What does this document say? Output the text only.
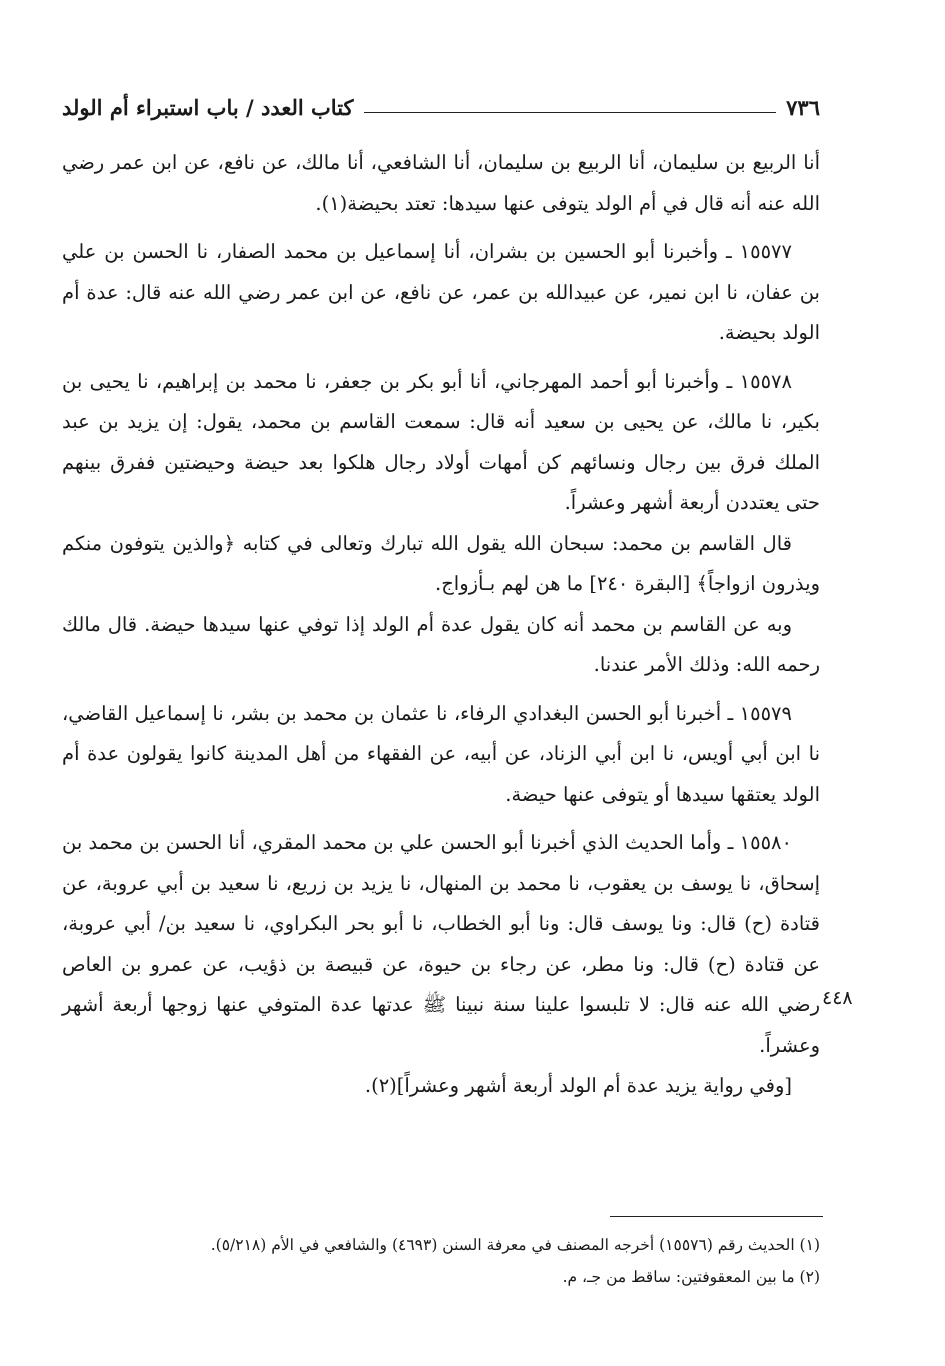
٧٣٦
كتاب العدد / باب استبراء أم الولد

أنا الربيع بن سليمان، أنا الربيع بن سليمان، أنا الشافعي، أنا مالك، عن نافع، عن ابن عمر رضي الله عنه أنه قال في أم الولد يتوفى عنها سيدها: تعتد بحيضة(١).

١٥٥٧٧ ـ وأخبرنا أبو الحسين بن بشران، أنا إسماعيل بن محمد الصفار، نا الحسن بن علي بن عفان، نا ابن نمير، عن عبيدالله بن عمر، عن نافع، عن ابن عمر رضي الله عنه قال: عدة أم الولد بحيضة.

١٥٥٧٨ ـ وأخبرنا أبو أحمد المهرجاني، أنا أبو بكر بن جعفر، نا محمد بن إبراهيم، نا يحيى بن بكير، نا مالك، عن يحيى بن سعيد أنه قال: سمعت القاسم بن محمد، يقول: إن يزيد بن عبد الملك فرق بين رجال ونسائهم كن أمهات أولاد رجال هلكوا بعد حيضة وحيضتين ففرق بينهم حتى يعتددن أربعة أشهر وعشراً.

قال القاسم بن محمد: سبحان الله يقول الله تبارك وتعالى في كتابه ﴿والذين يتوفون منكم ويذرون ازواجاً﴾ [البقرة ٢٤٠] ما هن لهم بـأزواج.

وبه عن القاسم بن محمد أنه كان يقول عدة أم الولد إذا توفي عنها سيدها حيضة. قال مالك رحمه الله: وذلك الأمر عندنا.

١٥٥٧٩ ـ أخبرنا أبو الحسن البغدادي الرفاء، نا عثمان بن محمد بن بشر، نا إسماعيل القاضي، نا ابن أبي أويس، نا ابن أبي الزناد، عن أبيه، عن الفقهاء من أهل المدينة كانوا يقولون عدة أم الولد يعتقها سيدها أو يتوفى عنها حيضة.

١٥٥٨٠ ـ وأما الحديث الذي أخبرنا أبو الحسن علي بن محمد المقري، أنا الحسن بن محمد بن إسحاق، نا يوسف بن يعقوب، نا محمد بن المنهال، نا يزيد بن زريع، نا سعيد بن أبي عروبة، عن قتادة (ح) قال: ونا يوسف قال: ونا أبو الخطاب، نا أبو بحر البكراوي، نا سعيد بن/ أبي عروبة، عن قتادة (ح) قال: ونا مطر، عن رجاء بن حيوة، عن قبيصة بن ذؤيب، عن عمرو بن العاص رضي الله عنه قال: لا تلبسوا علينا سنة نبينا ﷺ عدتها عدة المتوفي عنها زوجها أربعة أشهر وعشراً.

[وفي رواية يزيد عدة أم الولد أربعة أشهر وعشراً](٢).

٤٤٨

(١) الحديث رقم (١٥٥٧٦) أخرجه المصنف في معرفة السنن (٤٦٩٣) والشافعي في الأم (٥/٢١٨).

(٢) ما بين المعقوفتين: ساقط من جـ، م.
